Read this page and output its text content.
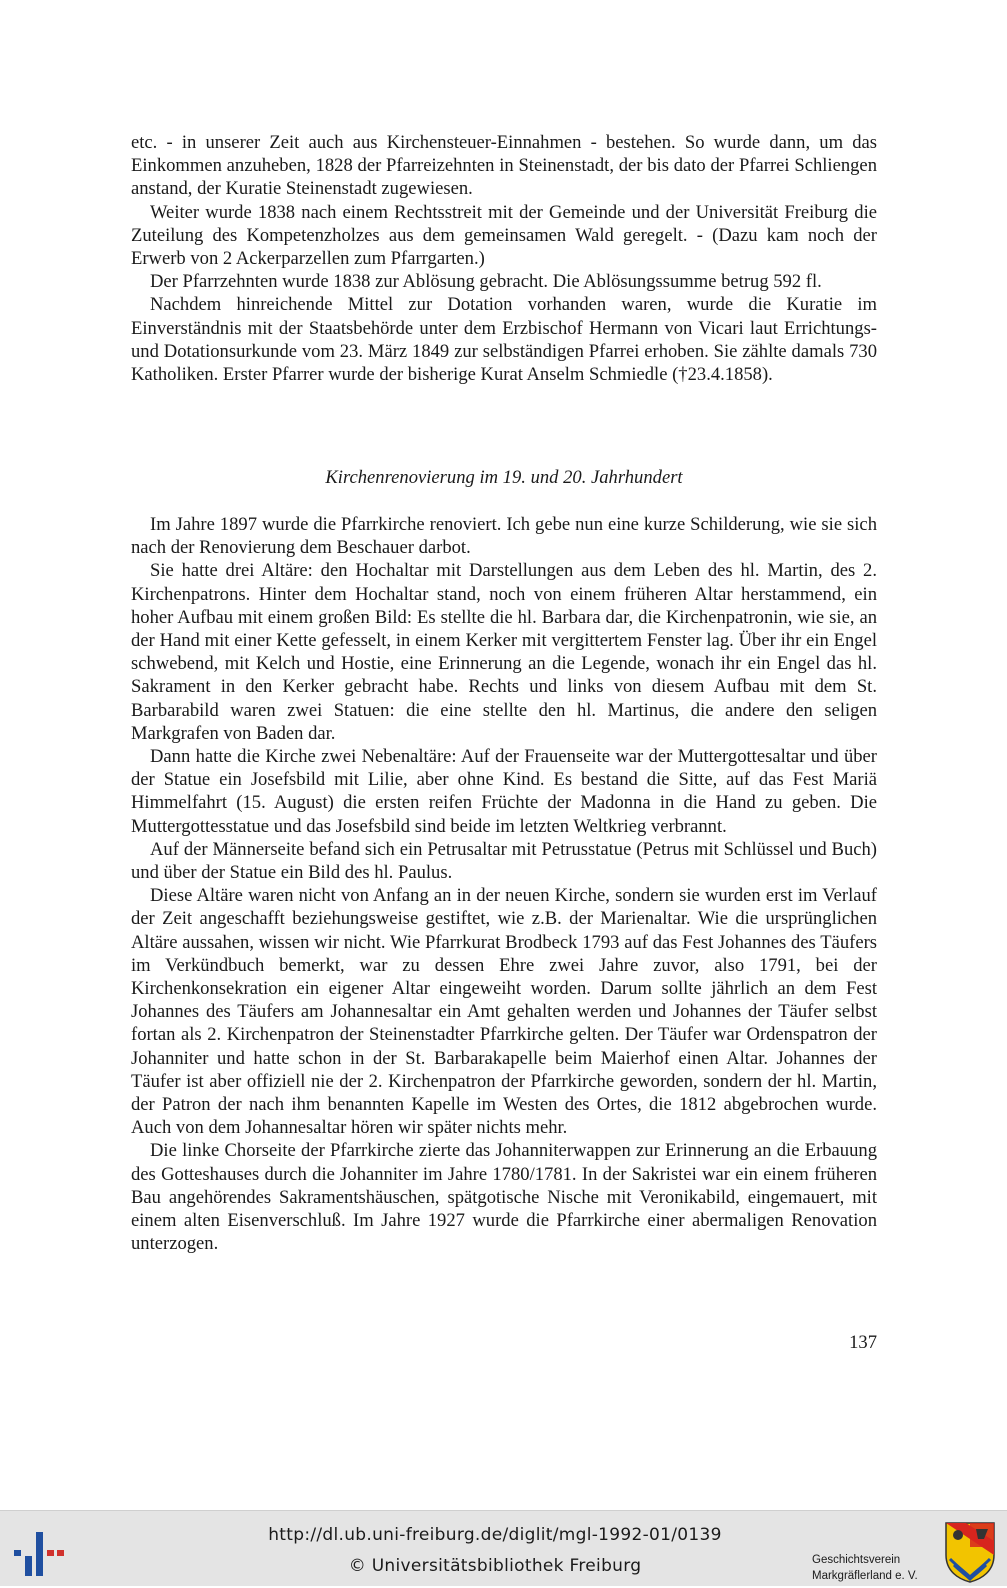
etc. - in unserer Zeit auch aus Kirchensteuer-Einnahmen - bestehen. So wurde dann, um das Einkommen anzuheben, 1828 der Pfarreizehnten in Steinenstadt, der bis dato der Pfarrei Schliengen anstand, der Kuratie Steinenstadt zugewiesen.

Weiter wurde 1838 nach einem Rechtsstreit mit der Gemeinde und der Universität Freiburg die Zuteilung des Kompetenzholzes aus dem gemeinsamen Wald geregelt. - (Dazu kam noch der Erwerb von 2 Ackerparzellen zum Pfarrgarten.)

Der Pfarrzehnten wurde 1838 zur Ablösung gebracht. Die Ablösungssumme betrug 592 fl.

Nachdem hinreichende Mittel zur Dotation vorhanden waren, wurde die Kuratie im Einverständnis mit der Staatsbehörde unter dem Erzbischof Hermann von Vicari laut Errichtungs- und Dotationsurkunde vom 23. März 1849 zur selbständigen Pfarrei erhoben. Sie zählte damals 730 Katholiken. Erster Pfarrer wurde der bisherige Kurat Anselm Schmiedle (†23.4.1858).

Kirchenrenovierung im 19. und 20. Jahrhundert

Im Jahre 1897 wurde die Pfarrkirche renoviert. Ich gebe nun eine kurze Schilderung, wie sie sich nach der Renovierung dem Beschauer darbot.

Sie hatte drei Altäre: den Hochaltar mit Darstellungen aus dem Leben des hl. Martin, des 2. Kirchenpatrons. Hinter dem Hochaltar stand, noch von einem früheren Altar herstammend, ein hoher Aufbau mit einem großen Bild: Es stellte die hl. Barbara dar, die Kirchenpatronin, wie sie, an der Hand mit einer Kette gefesselt, in einem Kerker mit vergittertem Fenster lag. Über ihr ein Engel schwebend, mit Kelch und Hostie, eine Erinnerung an die Legende, wonach ihr ein Engel das hl. Sakrament in den Kerker gebracht habe. Rechts und links von diesem Aufbau mit dem St. Barbarabild waren zwei Statuen: die eine stellte den hl. Martinus, die andere den seligen Markgrafen von Baden dar.

Dann hatte die Kirche zwei Nebenaltäre: Auf der Frauenseite war der Muttergottesaltar und über der Statue ein Josefsbild mit Lilie, aber ohne Kind. Es bestand die Sitte, auf das Fest Mariä Himmelfahrt (15. August) die ersten reifen Früchte der Madonna in die Hand zu geben. Die Muttergottesstatue und das Josefsbild sind beide im letzten Weltkrieg verbrannt.

Auf der Männerseite befand sich ein Petrusaltar mit Petrusstatue (Petrus mit Schlüssel und Buch) und über der Statue ein Bild des hl. Paulus.

Diese Altäre waren nicht von Anfang an in der neuen Kirche, sondern sie wurden erst im Verlauf der Zeit angeschafft beziehungsweise gestiftet, wie z.B. der Marienaltar. Wie die ursprünglichen Altäre aussahen, wissen wir nicht. Wie Pfarrkurat Brodbeck 1793 auf das Fest Johannes des Täufers im Verkündbuch bemerkt, war zu dessen Ehre zwei Jahre zuvor, also 1791, bei der Kirchenkonsekration ein eigener Altar eingeweiht worden. Darum sollte jährlich an dem Fest Johannes des Täufers am Johannesaltar ein Amt gehalten werden und Johannes der Täufer selbst fortan als 2. Kirchenpatron der Steinenstadter Pfarrkirche gelten. Der Täufer war Ordenspatron der Johanniter und hatte schon in der St. Barbarakapelle beim Maierhof einen Altar. Johannes der Täufer ist aber offiziell nie der 2. Kirchenpatron der Pfarrkirche geworden, sondern der hl. Martin, der Patron der nach ihm benannten Kapelle im Westen des Ortes, die 1812 abgebrochen wurde. Auch von dem Johannesaltar hören wir später nichts mehr.

Die linke Chorseite der Pfarrkirche zierte das Johanniterwappen zur Erinnerung an die Erbauung des Gotteshauses durch die Johanniter im Jahre 1780/1781. In der Sakristei war ein einem früheren Bau angehörendes Sakramentshäuschen, spätgotische Nische mit Veronikabild, eingemauert, mit einem alten Eisenverschluß. Im Jahre 1927 wurde die Pfarrkirche einer abermaligen Renovation unterzogen.

137
http://dl.ub.uni-freiburg.de/diglit/mgl-1992-01/0139
© Universitätsbibliothek Freiburg	Geschichtsverein
Markgräflerland e. V.
